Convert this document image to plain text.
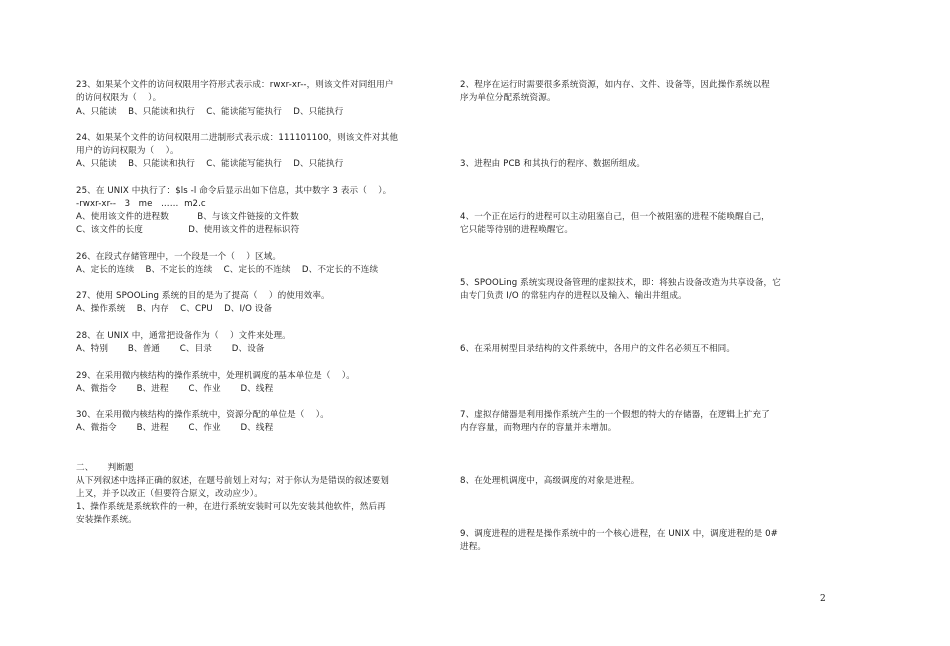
23、如果某个文件的访问权限用字符形式表示成：rwxr-xr--，则该文件对同组用户
的访问权限为（    ）。
A、只能读    B、只能读和执行    C、能读能写能执行    D、只能执行
24、如果某个文件的访问权限用二进制形式表示成：111101100，则该文件对其他
用户的访问权限为（    ）。
A、只能读    B、只能读和执行    C、能读能写能执行    D、只能执行
25、在 UNIX 中执行了：$ls -l 命令后显示出如下信息，其中数字 3 表示（    ）。
-rwxr-xr--   3   me   ……  m2.c
A、使用该文件的进程数          B、与该文件链接的文件数
C、该文件的长度                D、使用该文件的进程标识符
26、在段式存储管理中，一个段是一个（    ）区域。
A、定长的连续    B、不定长的连续    C、定长的不连续    D、不定长的不连续
27、使用 SPOOLing 系统的目的是为了提高（    ）的使用效率。
A、操作系统    B、内存    C、CPU    D、I/O 设备
28、在 UNIX 中，通常把设备作为（    ）文件来处理。
A、特别       B、普通       C、目录       D、设备
29、在采用微内核结构的操作系统中，处理机调度的基本单位是（    ）。
A、微指令       B、进程       C、作业       D、线程
30、在采用微内核结构的操作系统中，资源分配的单位是（    ）。
A、微指令       B、进程       C、作业       D、线程
二、     判断题
从下列叙述中选择正确的叙述，在题号前划上对勾；对于你认为是错误的叙述要划
上叉，并予以改正（但要符合原义，改动应少）。
1、操作系统是系统软件的一种，在进行系统安装时可以先安装其他软件，然后再
安装操作系统。
2、程序在运行时需要很多系统资源，如内存、文件、设备等，因此操作系统以程
序为单位分配系统资源。
3、进程由 PCB 和其执行的程序、数据所组成。
4、一个正在运行的进程可以主动阻塞自己，但一个被阻塞的进程不能唤醒自己，
它只能等待别的进程唤醒它。
5、SPOOLing 系统实现设备管理的虚拟技术，即：将独占设备改造为共享设备，它
由专门负责 I/O 的常驻内存的进程以及输入、输出井组成。
6、在采用树型目录结构的文件系统中，各用户的文件名必须互不相同。
7、虚拟存储器是利用操作系统产生的一个假想的特大的存储器，在逻辑上扩充了
内存容量，而物理内存的容量并未增加。
8、在处理机调度中，高级调度的对象是进程。
9、调度进程的进程是操作系统中的一个核心进程，在 UNIX 中，调度进程的是 0#
进程。
2
